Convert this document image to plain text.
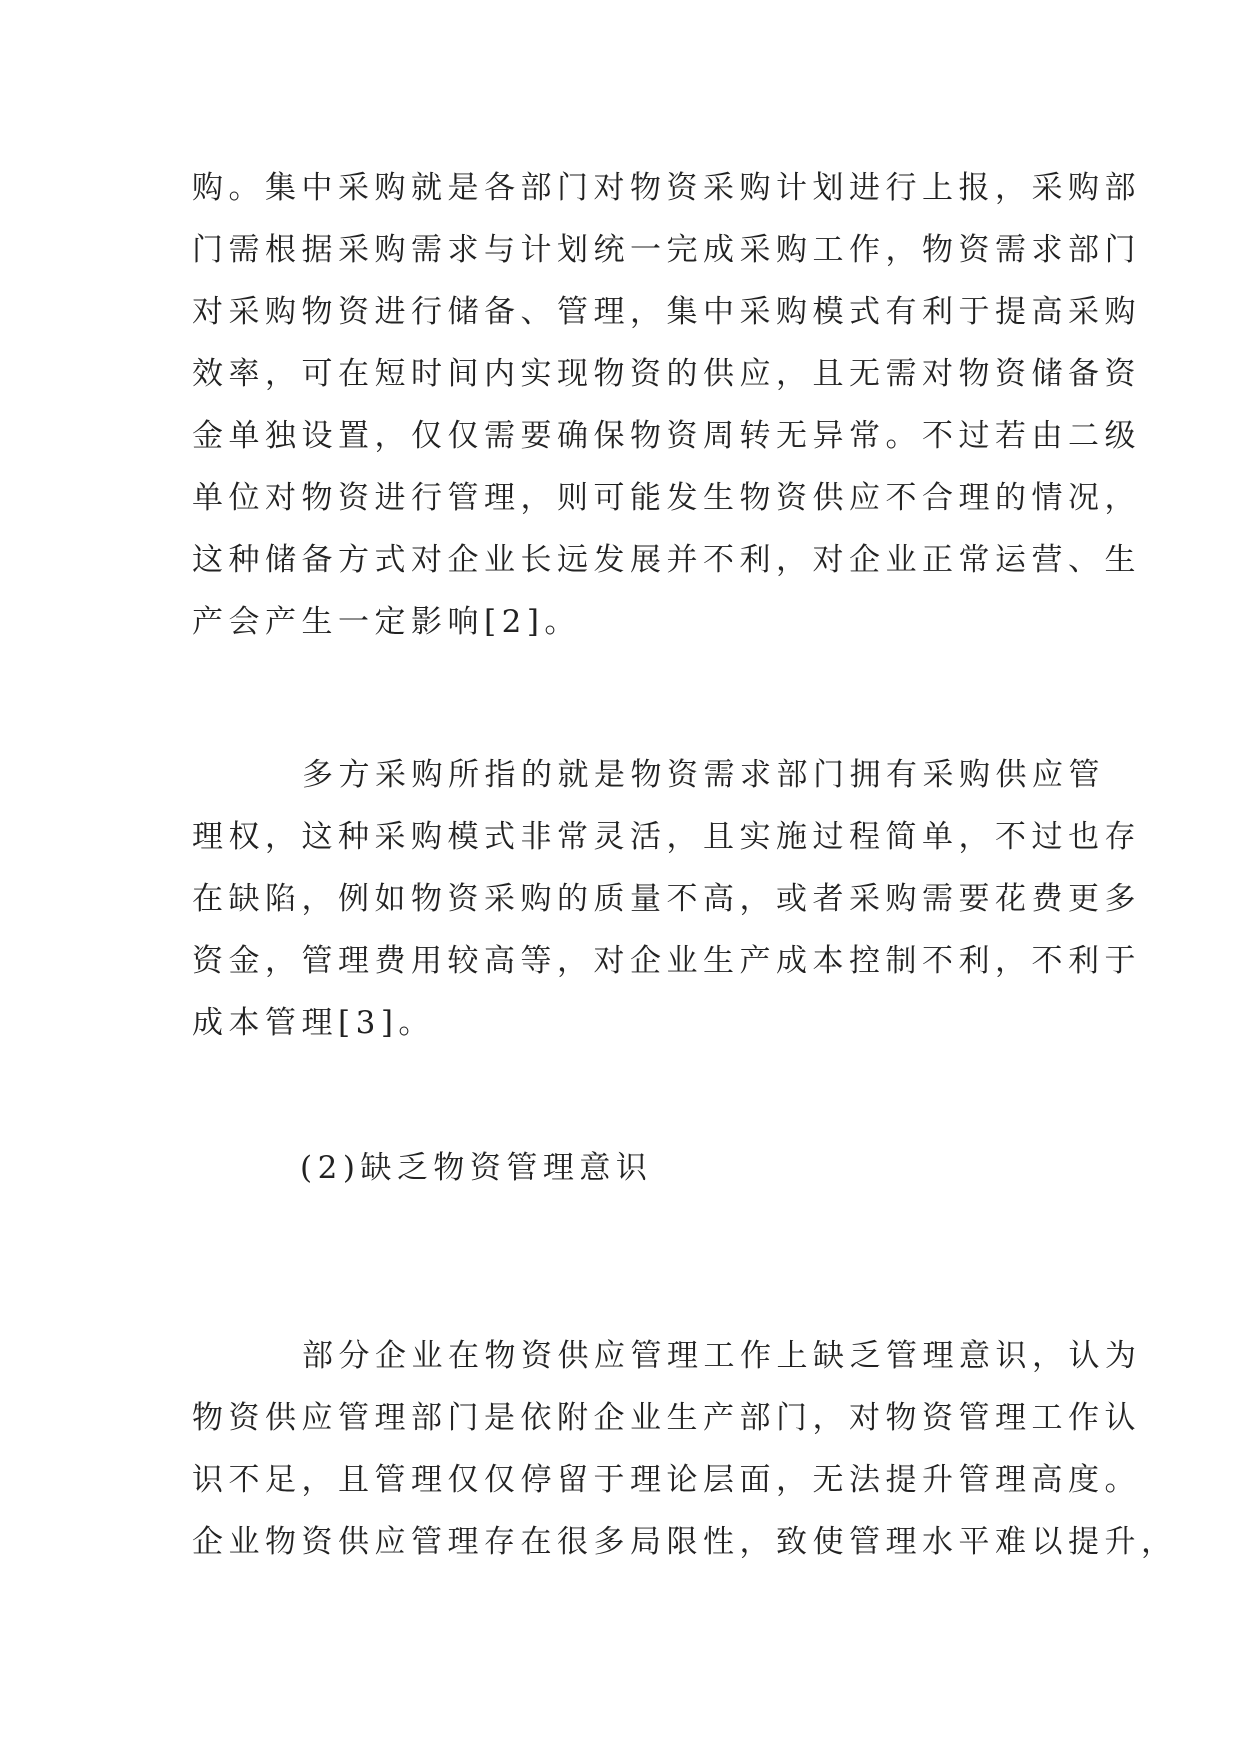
购。集中采购就是各部门对物资采购计划进行上报，采购部
门需根据采购需求与计划统一完成采购工作，物资需求部门
对采购物资进行储备、管理，集中采购模式有利于提高采购
效率，可在短时间内实现物资的供应，且无需对物资储备资
金单独设置，仅仅需要确保物资周转无异常。不过若由二级
单位对物资进行管理，则可能发生物资供应不合理的情况，
这种储备方式对企业长远发展并不利，对企业正常运营、生
产会产生一定影响[2]。

多方采购所指的就是物资需求部门拥有采购供应管
理权，这种采购模式非常灵活，且实施过程简单，不过也存
在缺陷，例如物资采购的质量不高，或者采购需要花费更多
资金，管理费用较高等，对企业生产成本控制不利，不利于
成本管理[3]。

(2)缺乏物资管理意识

部分企业在物资供应管理工作上缺乏管理意识，认为
物资供应管理部门是依附企业生产部门，对物资管理工作认
识不足，且管理仅仅停留于理论层面，无法提升管理高度。
企业物资供应管理存在很多局限性，致使管理水平难以提升，
